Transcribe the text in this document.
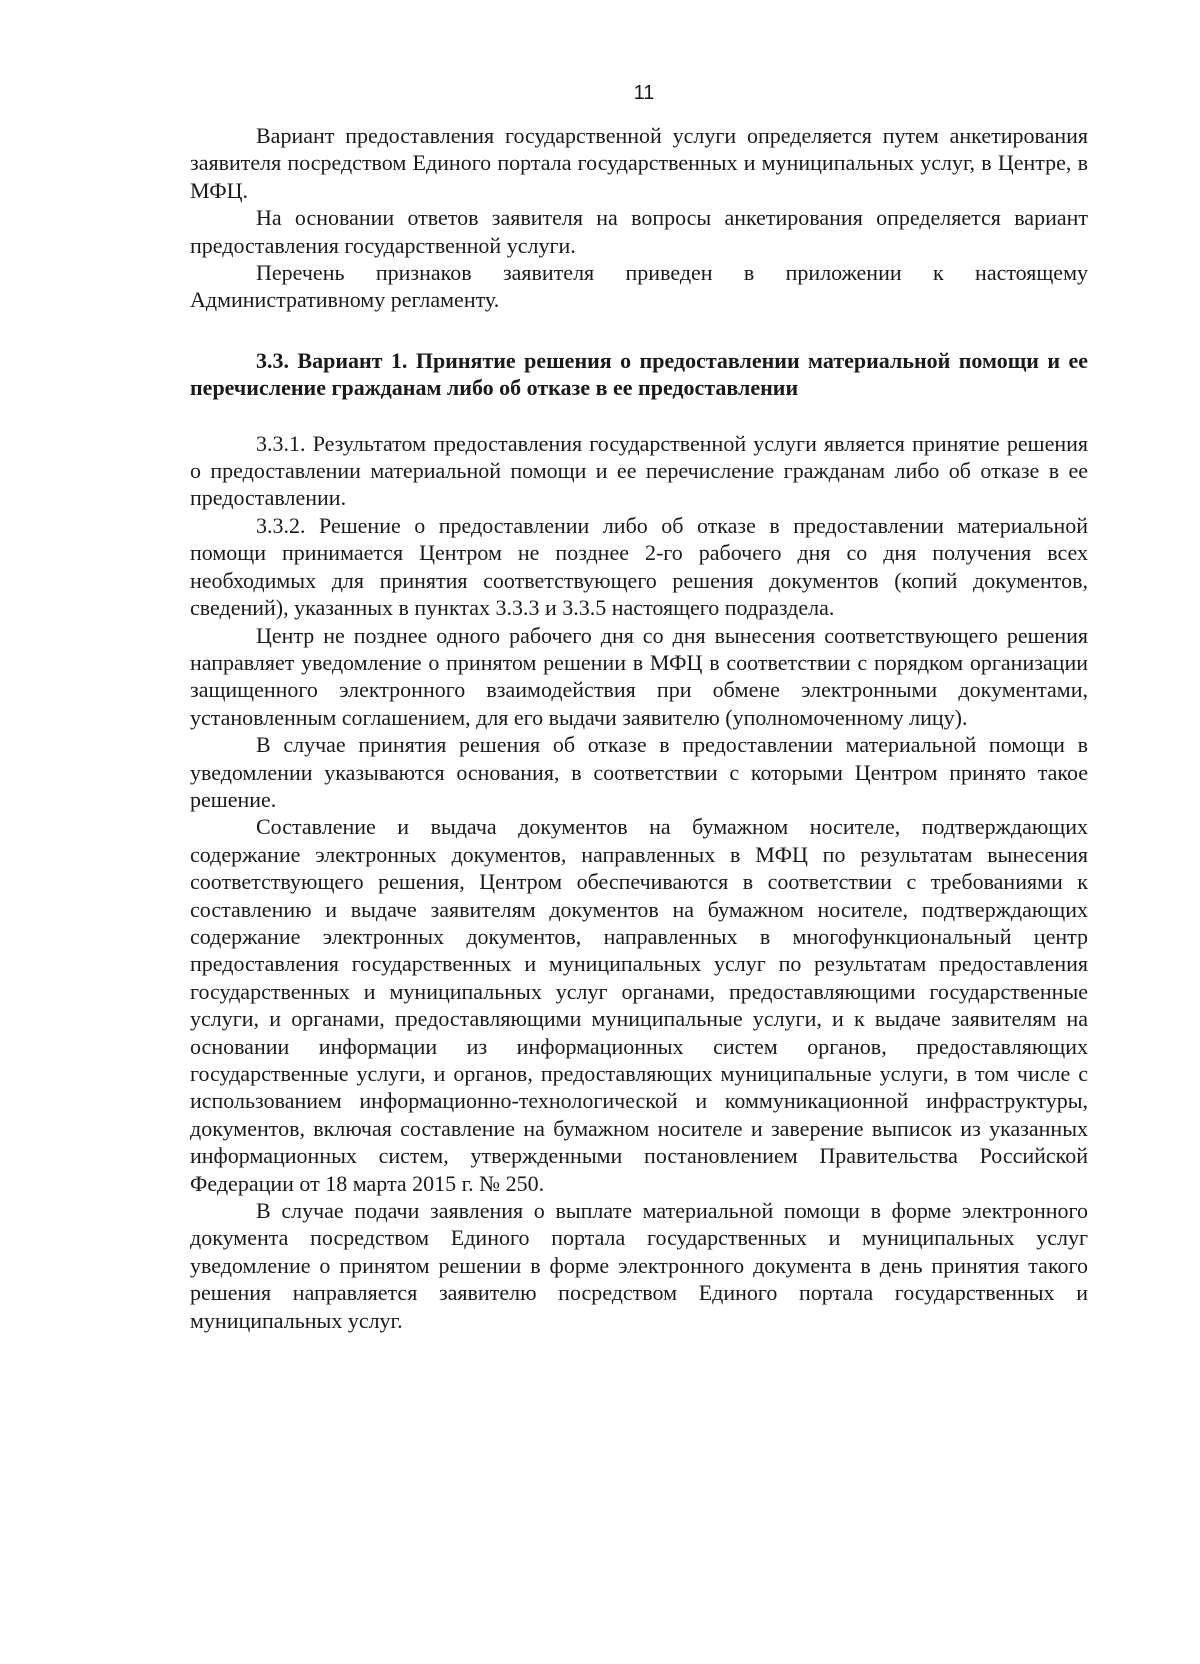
11

Вариант предоставления государственной услуги определяется путем анкетирования заявителя посредством Единого портала государственных и муниципальных услуг, в Центре, в МФЦ.

На основании ответов заявителя на вопросы анкетирования определяется вариант предоставления государственной услуги.

Перечень признаков заявителя приведен в приложении к настоящему Административному регламенту.

3.3. Вариант 1. Принятие решения о предоставлении материальной помощи и ее перечисление гражданам либо об отказе в ее предоставлении

3.3.1. Результатом предоставления государственной услуги является принятие решения о предоставлении материальной помощи и ее перечисление гражданам либо об отказе в ее предоставлении.

3.3.2. Решение о предоставлении либо об отказе в предоставлении материальной помощи принимается Центром не позднее 2-го рабочего дня со дня получения всех необходимых для принятия соответствующего решения документов (копий документов, сведений), указанных в пунктах 3.3.3 и 3.3.5 настоящего подраздела.

Центр не позднее одного рабочего дня со дня вынесения соответствующего решения направляет уведомление о принятом решении в МФЦ в соответствии с порядком организации защищенного электронного взаимодействия при обмене электронными документами, установленным соглашением, для его выдачи заявителю (уполномоченному лицу).

В случае принятия решения об отказе в предоставлении материальной помощи в уведомлении указываются основания, в соответствии с которыми Центром принято такое решение.

Составление и выдача документов на бумажном носителе, подтверждающих содержание электронных документов, направленных в МФЦ по результатам вынесения соответствующего решения, Центром обеспечиваются в соответствии с требованиями к составлению и выдаче заявителям документов на бумажном носителе, подтверждающих содержание электронных документов, направленных в многофункциональный центр предоставления государственных и муниципальных услуг по результатам предоставления государственных и муниципальных услуг органами, предоставляющими государственные услуги, и органами, предоставляющими муниципальные услуги, и к выдаче заявителям на основании информации из информационных систем органов, предоставляющих государственные услуги, и органов, предоставляющих муниципальные услуги, в том числе с использованием информационно-технологической и коммуникационной инфраструктуры, документов, включая составление на бумажном носителе и заверение выписок из указанных информационных систем, утвержденными постановлением Правительства Российской Федерации от 18 марта 2015 г. № 250.

В случае подачи заявления о выплате материальной помощи в форме электронного документа посредством Единого портала государственных и муниципальных услуг уведомление о принятом решении в форме электронного документа в день принятия такого решения направляется заявителю посредством Единого портала государственных и муниципальных услуг.
